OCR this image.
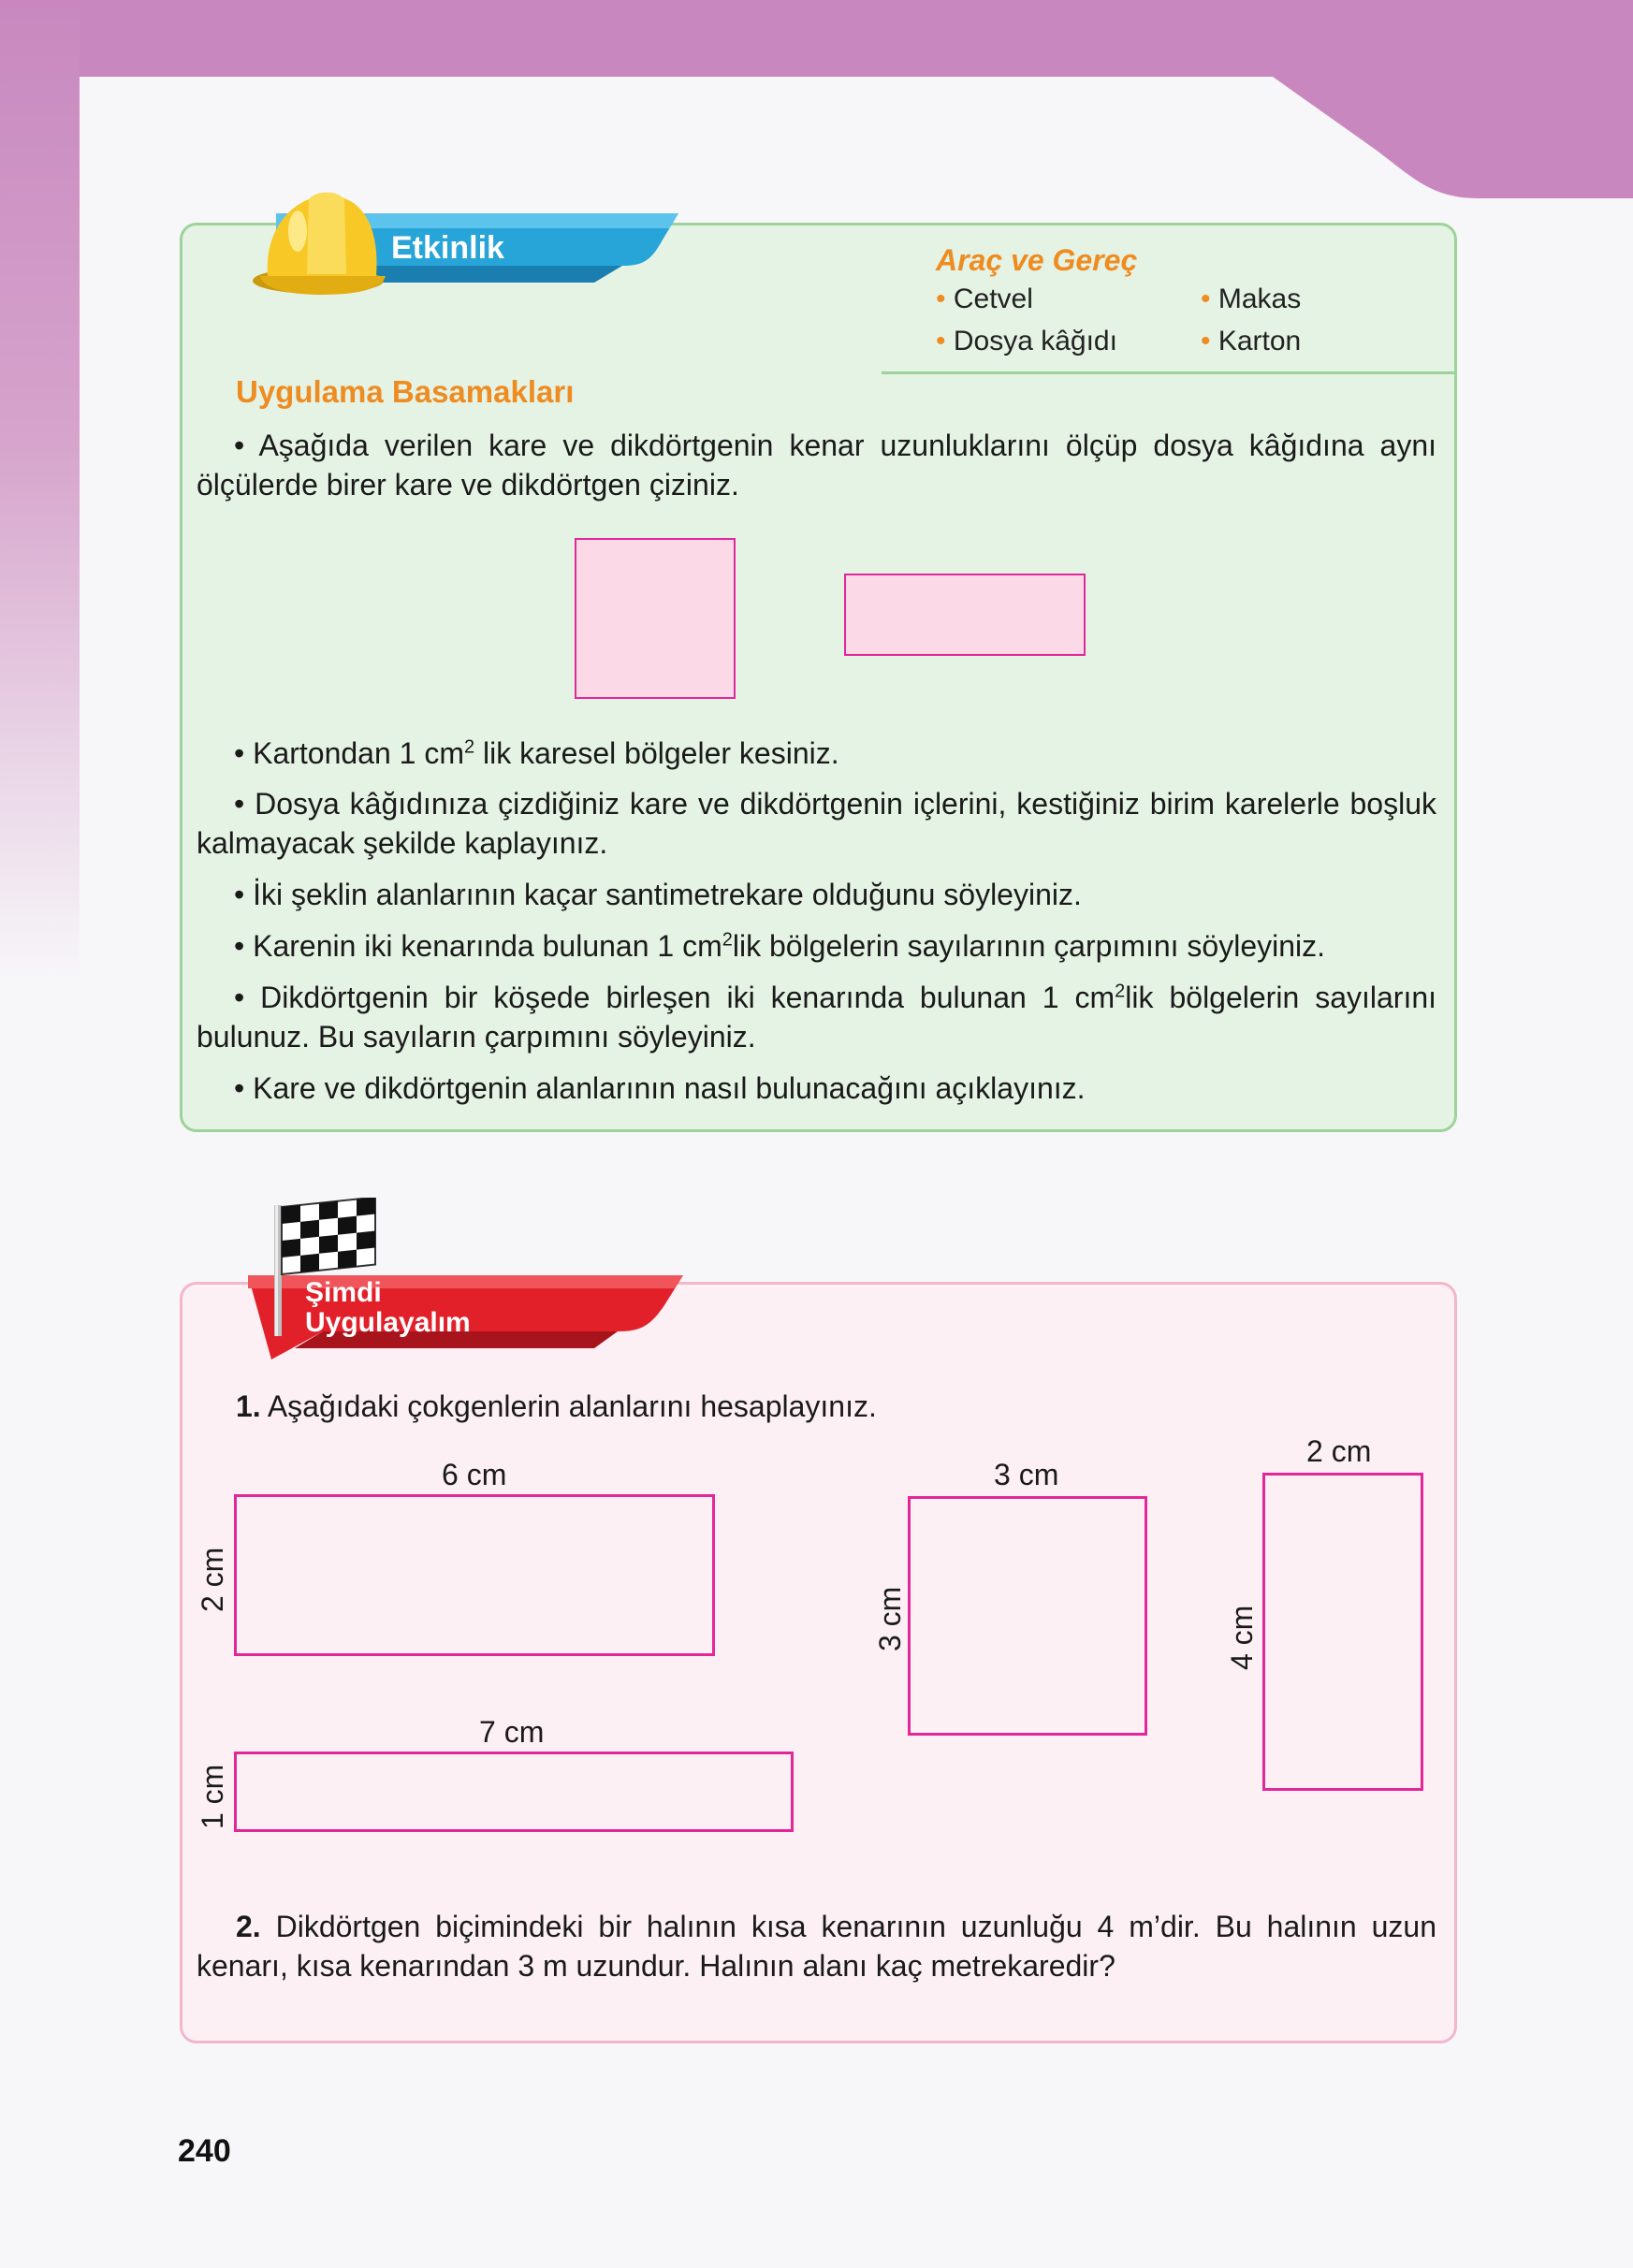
Etkinlik	Araç ve Gereç
• Cetvel	• Makas
• Dosya kâğıdı	• Karton
Uygulama Basamakları
• Aşağıda verilen kare ve dikdörtgenin kenar uzunluklarını ölçüp dosya kâğıdına aynı ölçülerde birer kare ve dikdörtgen çiziniz.
• Kartondan 1 $cm^2$ lik karesel bölgeler kesiniz.
• Dosya kâğıdınıza çizdiğiniz kare ve dikdörtgenin içlerini, kestiğiniz birim karelerle boşluk kalmayacak şekilde kaplayınız.
• İki şeklin alanlarının kaçar santimetrekare olduğunu söyleyiniz.
• Karenin iki kenarında bulunan 1 $cm^2lik$ bölgelerin sayılarının çarpımını söyleyiniz.
• Dikdörtgenin bir köşede birleşen iki kenarında bulunan 1 $cm^2lik$ bölgelerin sayılarını bulunuz. Bu sayıların çarpımını söyleyiniz.
• Kare ve dikdörtgenin alanlarının nasıl bulunacağını açıklayınız.
Şimdi
Uygulayalım
1. Aşağıdaki çokgenlerin alanlarını hesaplayınız.
6 cm
2 cm
7 cm
1 cm
3 cm
3 cm
2 cm
4 cm
2. Dikdörtgen biçimindeki bir halının kısa kenarının uzunluğu 4 m’dir. Bu halının uzun kenarı, kısa kenarından 3 m uzundur. Halının alanı kaç metrekaredir?
240
